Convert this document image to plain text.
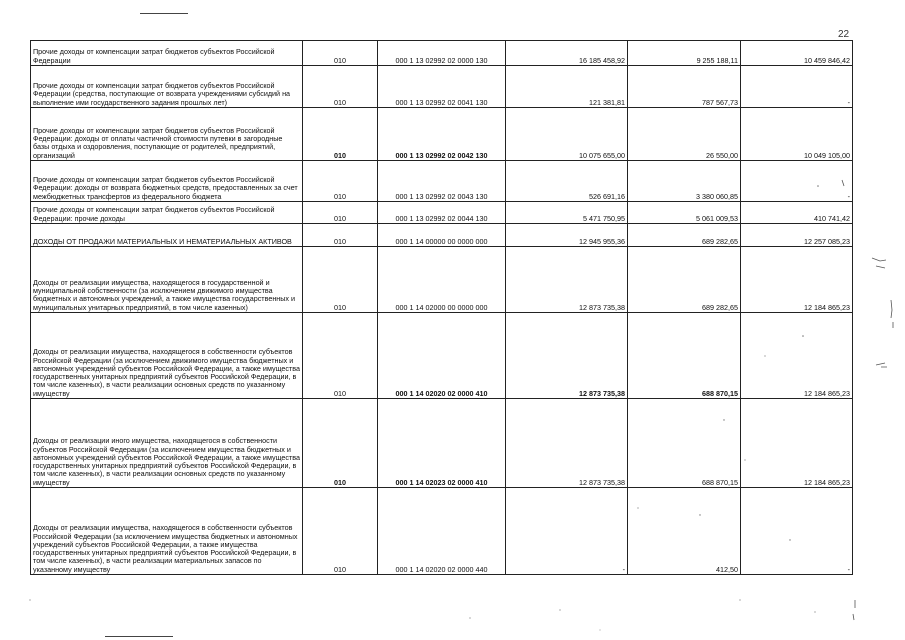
22
Прочие доходы от компенсации затрат бюджетов субъектов Российской Федерации	010	000 1 13 02992 02 0000 130	16 185 458,92	9 255 188,11	10 459 846,42
Прочие доходы от компенсации затрат бюджетов субъектов Российской Федерации (средства, поступающие от возврата учреждениями субсидий на выполнение ими государственного задания прошлых лет)	010	000 1 13 02992 02 0041 130	121 381,81	787 567,73	-
Прочие доходы от компенсации затрат бюджетов субъектов Российской Федерации: доходы от оплаты частичной стоимости путевки в загородные базы отдыха и оздоровления, поступающие от родителей, предприятий, организаций	010	000 1 13 02992 02 0042 130	10 075 655,00	26 550,00	10 049 105,00
Прочие доходы от компенсации затрат бюджетов субъектов Российской Федерации: доходы от возврата бюджетных средств, предоставленных за счет межбюджетных трансфертов из федерального бюджета	010	000 1 13 02992 02 0043 130	526 691,16	3 380 060,85	-
Прочие доходы от компенсации затрат бюджетов субъектов Российской Федерации: прочие доходы	010	000 1 13 02992 02 0044 130	5 471 750,95	5 061 009,53	410 741,42
ДОХОДЫ ОТ ПРОДАЖИ МАТЕРИАЛЬНЫХ И НЕМАТЕРИАЛЬНЫХ АКТИВОВ	010	000 1 14 00000 00 0000 000	12 945 955,36	689 282,65	12 257 085,23
Доходы от реализации имущества, находящегося в государственной и муниципальной собственности (за исключением движимого имущества бюджетных и автономных учреждений, а также имущества государственных и муниципальных унитарных предприятий, в том числе казенных)	010	000 1 14 02000 00 0000 000	12 873 735,38	689 282,65	12 184 865,23
Доходы от реализации имущества, находящегося в собственности субъектов Российской Федерации (за исключением движимого имущества бюджетных и автономных учреждений субъектов Российской Федерации, а также имущества государственных унитарных предприятий субъектов Российской Федерации, в том числе казенных), в части реализации основных средств по указанному имуществу	010	000 1 14 02020 02 0000 410	12 873 735,38	688 870,15	12 184 865,23
Доходы от реализации иного имущества, находящегося в собственности субъектов Российской Федерации (за исключением имущества бюджетных и автономных учреждений субъектов Российской Федерации, а также имущества государственных унитарных предприятий субъектов Российской Федерации, в том числе казенных), в части реализации основных средств по указанному имуществу	010	000 1 14 02023 02 0000 410	12 873 735,38	688 870,15	12 184 865,23
Доходы от реализации имущества, находящегося в собственности субъектов Российской Федерации (за исключением имущества бюджетных и автономных учреждений субъектов Российской Федерации, а также имущества государственных унитарных предприятий субъектов Российской Федерации, в том числе казенных), в части реализации материальных запасов по указанному имуществу	010	000 1 14 02020 02 0000 440	-	412,50	-
